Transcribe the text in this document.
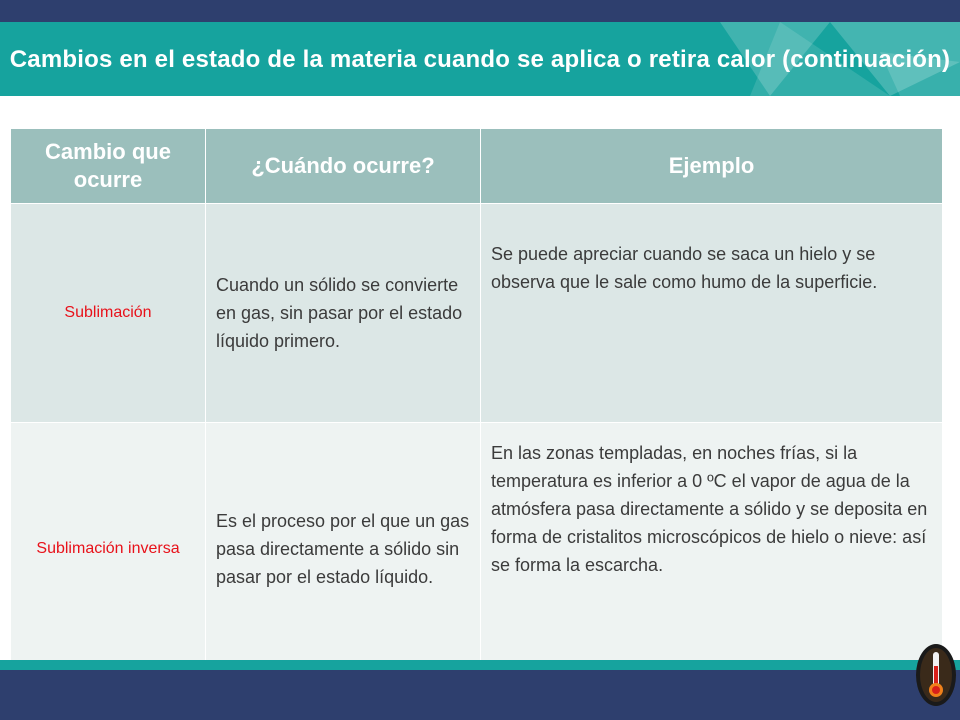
Cambios en el estado de la materia cuando se aplica o retira calor (continuación)
Cambio que ocurre	¿Cuándo ocurre?	Ejemplo
Sublimación	Cuando un sólido se convierte en gas, sin pasar por el estado líquido primero.	Se puede apreciar cuando se saca un hielo y se observa que le sale como humo de la superficie.
Sublimación inversa	Es el proceso por el que un gas pasa directamente a sólido sin pasar por el estado líquido.	En las zonas templadas, en noches frías, si la temperatura es inferior a 0 ºC el vapor de agua de la atmósfera pasa directamente a sólido y se deposita en forma de cristalitos microscópicos de hielo o nieve: así se forma la escarcha.
